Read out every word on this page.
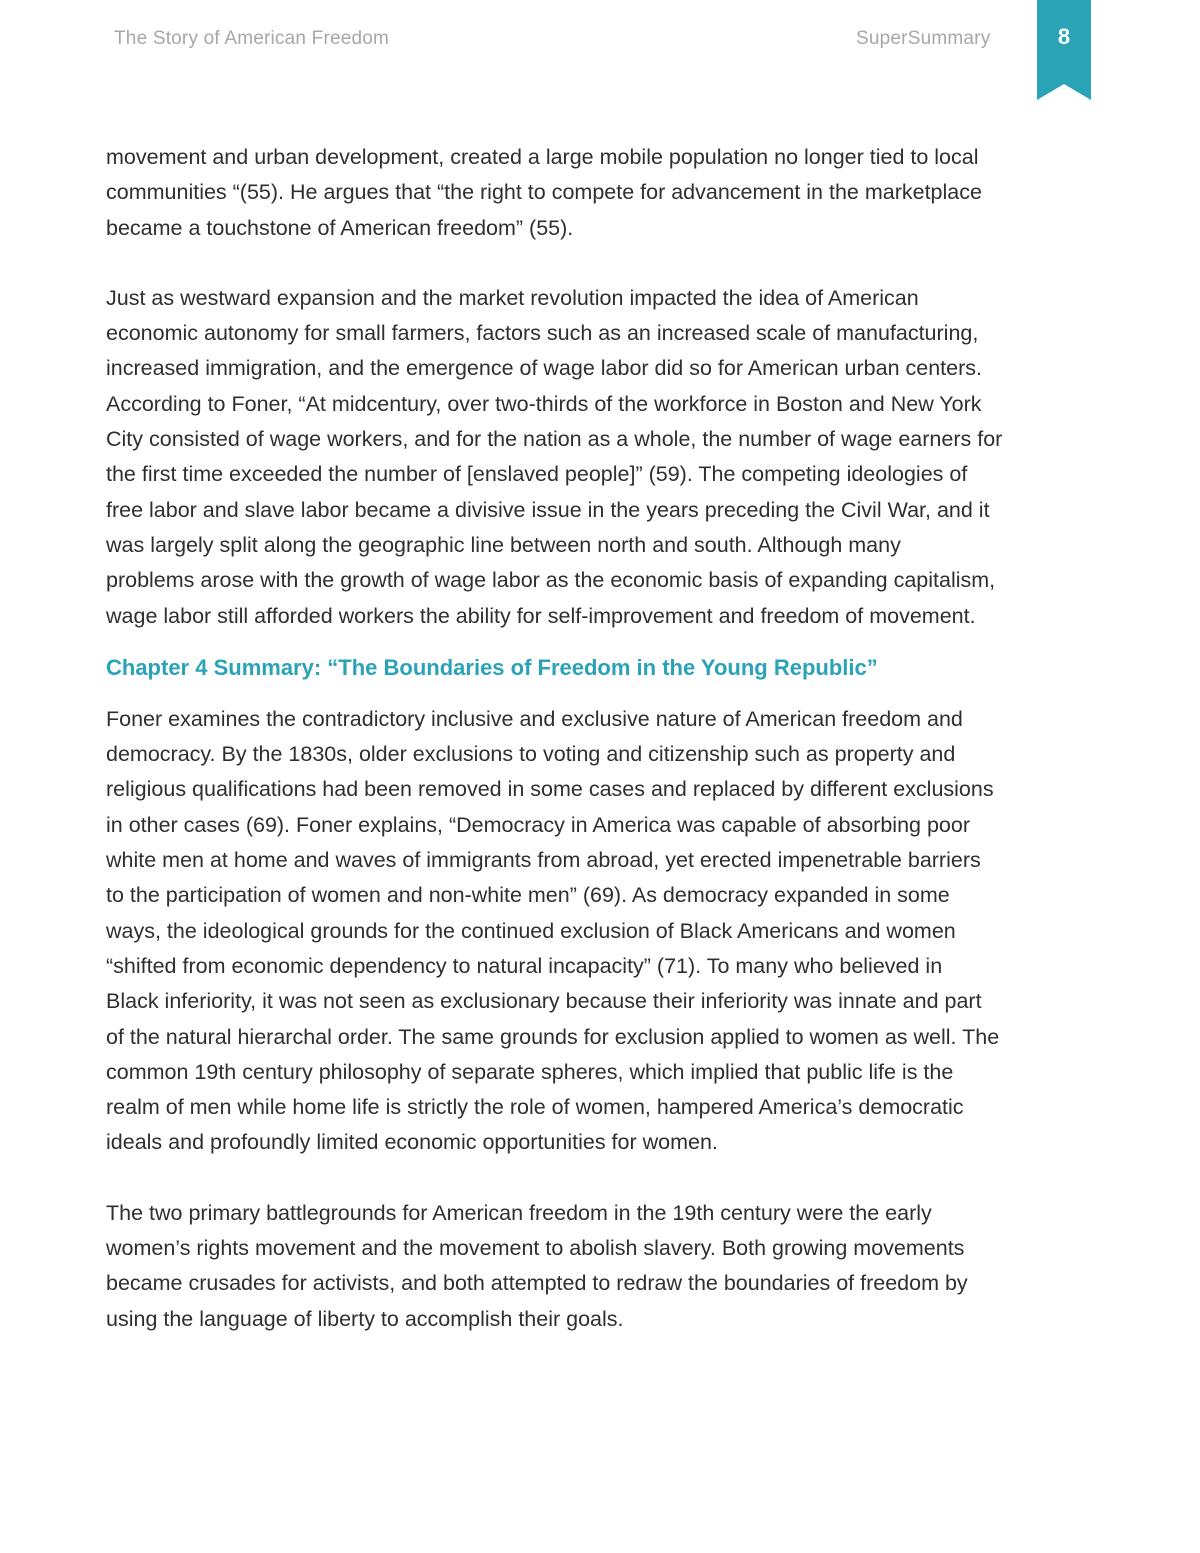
The Story of American Freedom	SuperSummary	8

movement and urban development, created a large mobile population no longer tied to local
communities “(55). He argues that “the right to compete for advancement in the marketplace
became a touchstone of American freedom” (55).

Just as westward expansion and the market revolution impacted the idea of American
economic autonomy for small farmers, factors such as an increased scale of manufacturing,
increased immigration, and the emergence of wage labor did so for American urban centers.
According to Foner, “At midcentury, over two-thirds of the workforce in Boston and New York
City consisted of wage workers, and for the nation as a whole, the number of wage earners for
the first time exceeded the number of [enslaved people]” (59). The competing ideologies of
free labor and slave labor became a divisive issue in the years preceding the Civil War, and it
was largely split along the geographic line between north and south. Although many
problems arose with the growth of wage labor as the economic basis of expanding capitalism,
wage labor still afforded workers the ability for self-improvement and freedom of movement.

Chapter 4 Summary: “The Boundaries of Freedom in the Young Republic”

Foner examines the contradictory inclusive and exclusive nature of American freedom and
democracy. By the 1830s, older exclusions to voting and citizenship such as property and
religious qualifications had been removed in some cases and replaced by different exclusions
in other cases (69). Foner explains, “Democracy in America was capable of absorbing poor
white men at home and waves of immigrants from abroad, yet erected impenetrable barriers
to the participation of women and non-white men” (69). As democracy expanded in some
ways, the ideological grounds for the continued exclusion of Black Americans and women
“shifted from economic dependency to natural incapacity” (71). To many who believed in
Black inferiority, it was not seen as exclusionary because their inferiority was innate and part
of the natural hierarchal order. The same grounds for exclusion applied to women as well. The
common 19th century philosophy of separate spheres, which implied that public life is the
realm of men while home life is strictly the role of women, hampered America’s democratic
ideals and profoundly limited economic opportunities for women.

The two primary battlegrounds for American freedom in the 19th century were the early
women’s rights movement and the movement to abolish slavery. Both growing movements
became crusades for activists, and both attempted to redraw the boundaries of freedom by
using the language of liberty to accomplish their goals.
